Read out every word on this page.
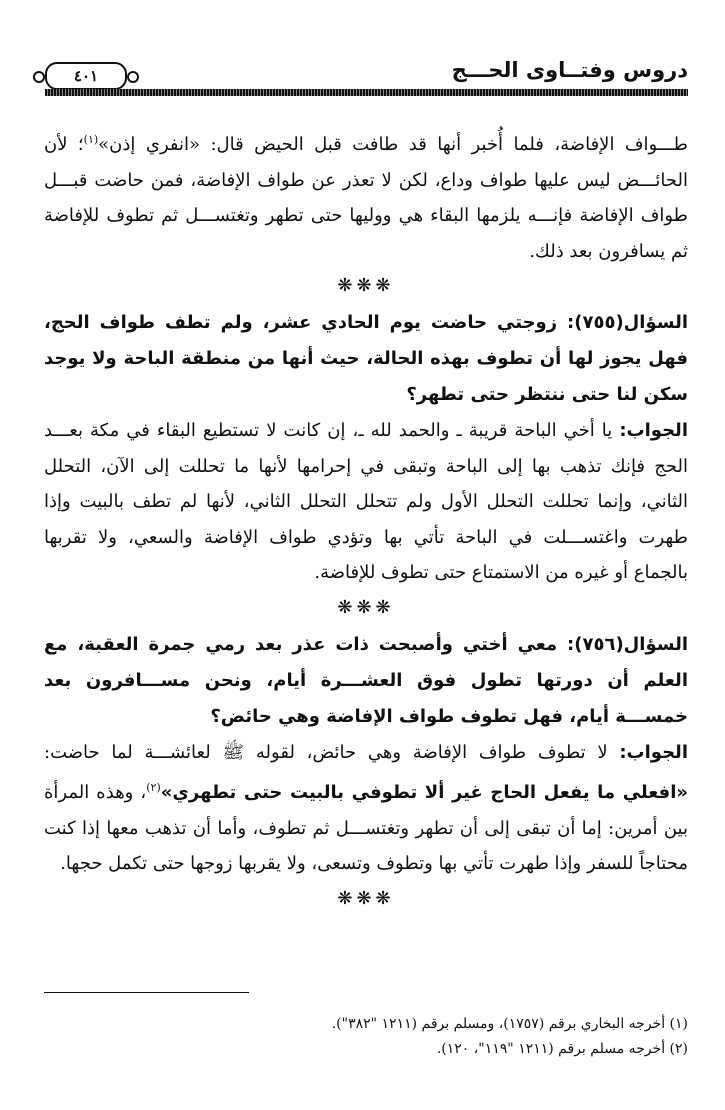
دروس وفتــاوى الحـــج
٤٠١

طـــواف الإفاضة، فلما أُخبر أنها قد طافت قبل الحيض قال: «انفري إذن»$^{(١)}$؛ لأن الحائـــض ليس عليها طواف وداع، لكن لا تعذر عن طواف الإفاضة، فمن حاضت قبـــل طواف الإفاضة فإنـــه يلزمها البقاء هي ووليها حتى تطهر وتغتســـل ثم تطوف للإفاضة ثم يسافرون بعد ذلك.

❋❋❋

السؤال(٧٥٥): زوجتي حاضت يوم الحادي عشر، ولم تطف طواف الحج، فهل يجوز لها أن تطوف بهذه الحالة، حيث أنها من منطقة الباحة ولا يوجد سكن لنا حتى ننتظر حتى تطهر؟

الجواب: يا أخي الباحة قريبة ـ والحمد لله ـ، إن كانت لا تستطيع البقاء في مكة بعـــد الحج فإنك تذهب بها إلى الباحة وتبقى في إحرامها لأنها ما تحللت إلى الآن، التحلل الثاني، وإنما تحللت التحلل الأول ولم تتحلل التحلل الثاني، لأنها لم تطف بالبيت وإذا طهرت واغتســـلت في الباحة تأتي بها وتؤدي طواف الإفاضة والسعي، ولا تقربها بالجماع أو غيره من الاستمتاع حتى تطوف للإفاضة.

❋❋❋

السؤال(٧٥٦): معي أختي وأصبحت ذات عذر بعد رمي جمرة العقبة، مع العلم أن دورتها تطول فوق العشـــرة أيام، ونحن مســـافرون بعد خمســـة أيام، فهل تطوف طواف الإفاضة وهي حائض؟

الجواب: لا تطوف طواف الإفاضة وهي حائض، لقوله ﷺ لعائشـــة لما حاضت: «افعلي ما يفعل الحاج غير ألا تطوفي بالبيت حتى تطهري»$^{(٢)}$، وهذه المرأة بين أمرين: إما أن تبقى إلى أن تطهر وتغتســـل ثم تطوف، وأما أن تذهب معها إذا كنت محتاجاً للسفر وإذا طهرت تأتي بها وتطوف وتسعى، ولا يقربها زوجها حتى تكمل حجها.

❋❋❋
(١) أخرجه البخاري برقم (١٧٥٧)، ومسلم برقم (١٢١١ "٣٨٢").
(٢) أخرجه مسلم برقم (١٢١١ "١١٩"، ١٢٠).
